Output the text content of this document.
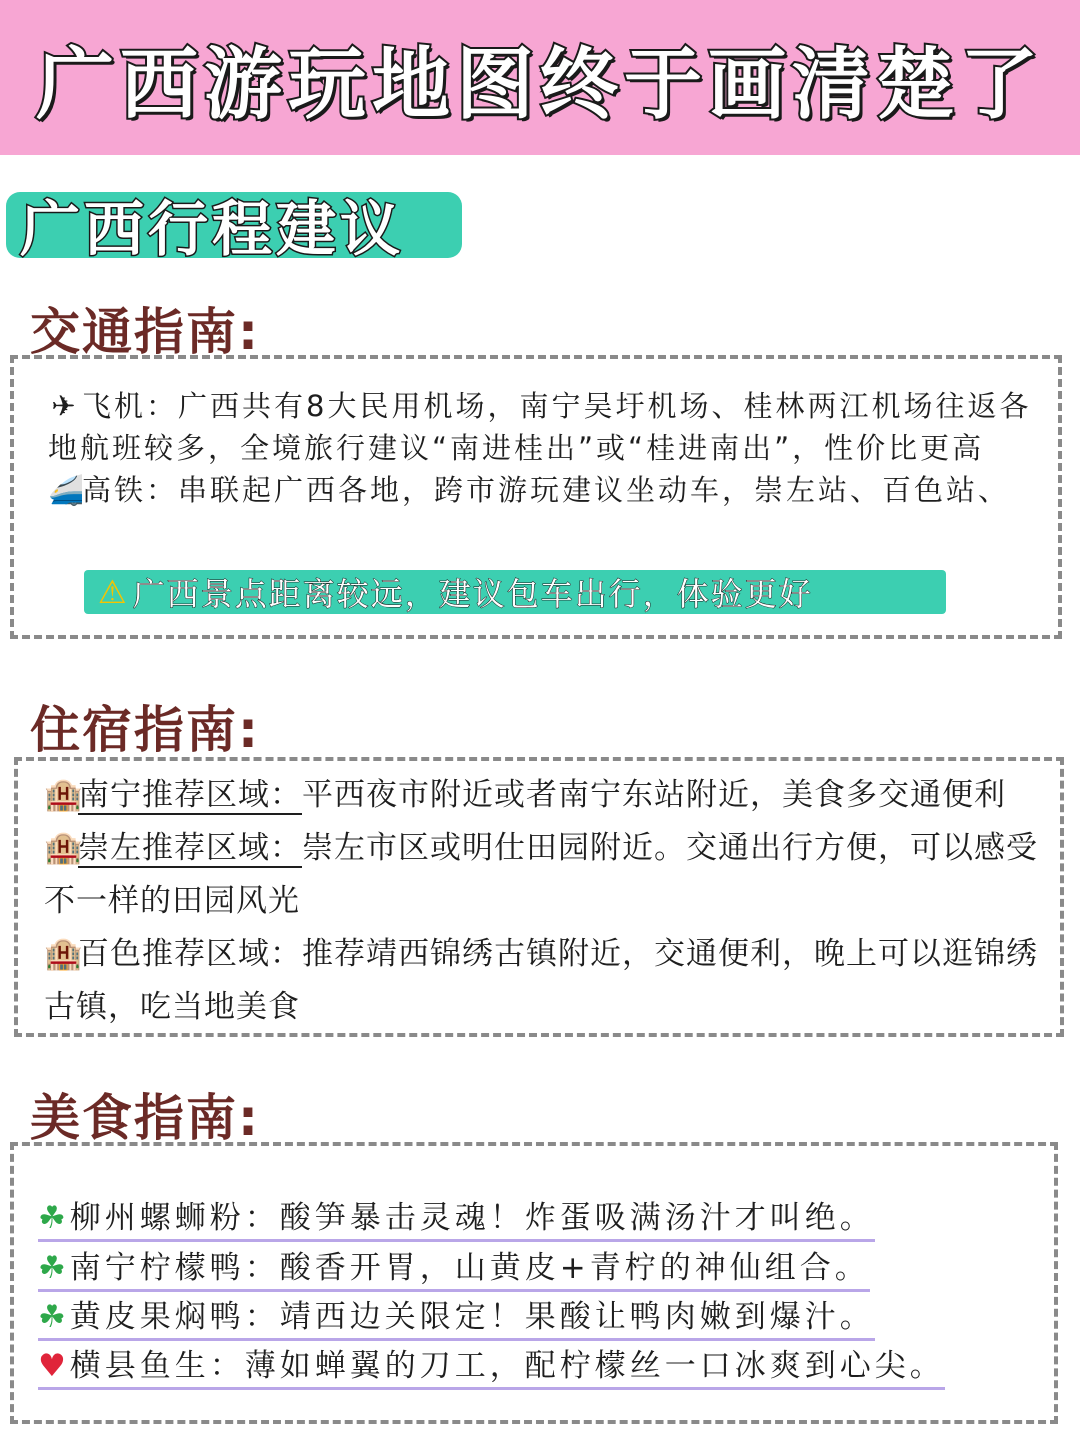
广西游玩地图终于画清楚了
广西行程建议
交通指南:
✈ 飞机：广西共有8大民用机场，南宁吴圩机场、桂林两江机场往返各地航班较多，全境旅行建议“南进桂出”或“桂进南出”，性价比更高
🚄高铁：串联起广西各地，跨市游玩建议坐动车，崇左站、百色站、
⚠ 广西景点距离较远，建议包车出行，体验更好
住宿指南:
🏨南宁推荐区域：平西夜市附近或者南宁东站附近，美食多交通便利
🏨崇左推荐区域：崇左市区或明仕田园附近。交通出行方便，可以感受不一样的田园风光
🏨百色推荐区域：推荐靖西锦绣古镇附近，交通便利，晚上可以逛锦绣古镇，吃当地美食
美食指南:
☘柳州螺蛳粉：酸笋暴击灵魂！炸蛋吸满汤汁才叫绝。
☘南宁柠檬鸭：酸香开胃，山黄皮+青柠的神仙组合。
☘黄皮果焖鸭：靖西边关限定！果酸让鸭肉嫩到爆汁。
♥横县鱼生：薄如蝉翼的刀工，配柠檬丝一口冰爽到心尖。
